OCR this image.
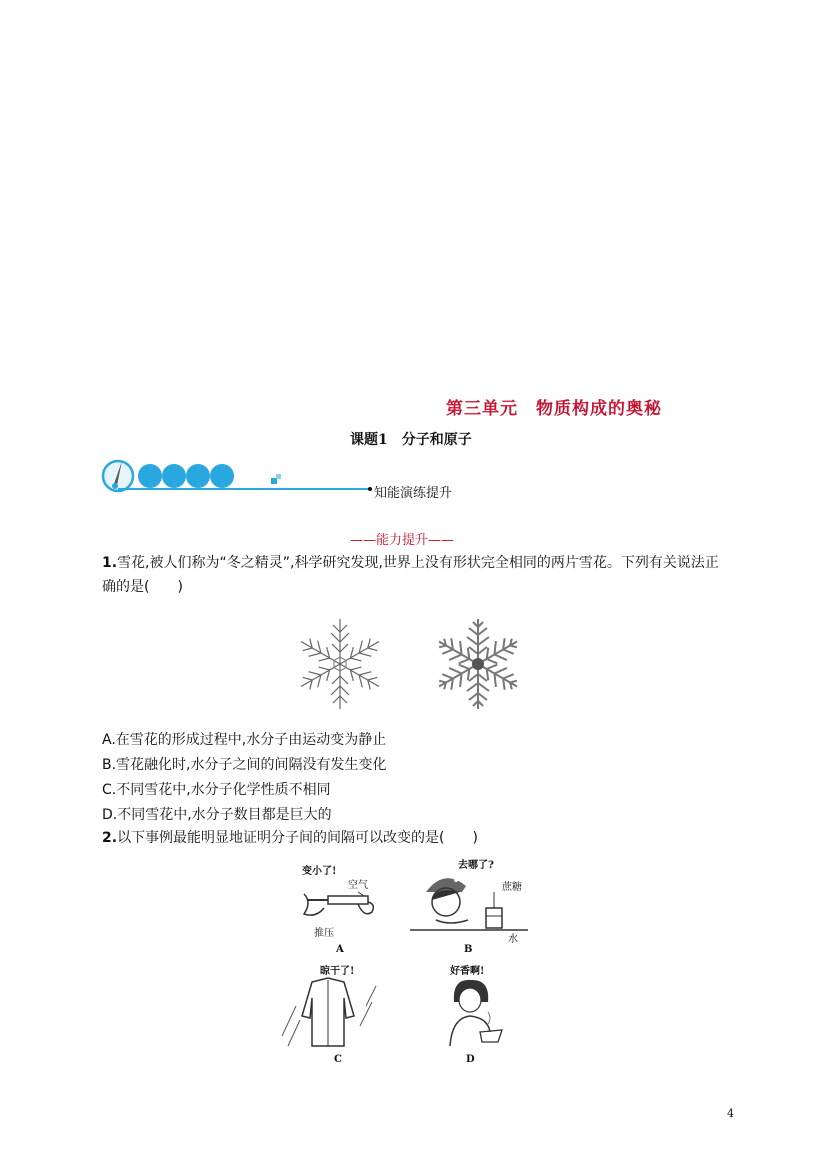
第三单元　物质构成的奥秘
课题1　分子和原子
知能演练提升
——能力提升——
1.雪花,被人们称为“冬之精灵”,科学研究发现,世界上没有形状完全相同的两片雪花。下列有关说法正确的是(　　)
A.在雪花的形成过程中,水分子由运动变为静止
B.雪花融化时,水分子之间的间隔没有发生变化
C.不同雪花中,水分子化学性质不相同
D.不同雪花中,水分子数目都是巨大的
2.以下事例最能明显地证明分子间的间隔可以改变的是(　　)
变小了!
空气
推压
A
去哪了?
蔗糖
水
B
晾干了!
C
好香啊!
D
4
